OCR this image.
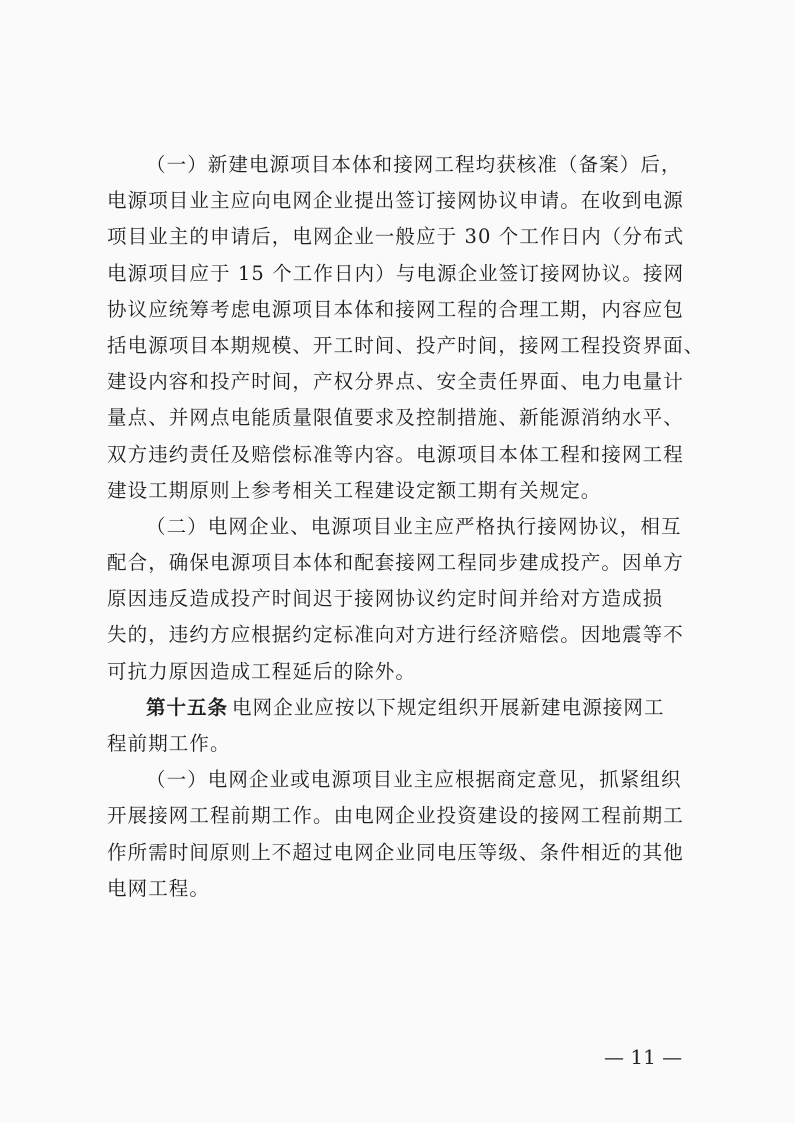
（一）新建电源项目本体和接网工程均获核准（备案）后，
电源项目业主应向电网企业提出签订接网协议申请。在收到电源
项目业主的申请后，电网企业一般应于 30 个工作日内（分布式
电源项目应于 15 个工作日内）与电源企业签订接网协议。接网
协议应统筹考虑电源项目本体和接网工程的合理工期，内容应包
括电源项目本期规模、开工时间、投产时间，接网工程投资界面、
建设内容和投产时间，产权分界点、安全责任界面、电力电量计
量点、并网点电能质量限值要求及控制措施、新能源消纳水平、
双方违约责任及赔偿标准等内容。电源项目本体工程和接网工程
建设工期原则上参考相关工程建设定额工期有关规定。
（二）电网企业、电源项目业主应严格执行接网协议，相互
配合，确保电源项目本体和配套接网工程同步建成投产。因单方
原因违反造成投产时间迟于接网协议约定时间并给对方造成损
失的，违约方应根据约定标准向对方进行经济赔偿。因地震等不
可抗力原因造成工程延后的除外。
第十五条 电网企业应按以下规定组织开展新建电源接网工
程前期工作。
（一）电网企业或电源项目业主应根据商定意见，抓紧组织
开展接网工程前期工作。由电网企业投资建设的接网工程前期工
作所需时间原则上不超过电网企业同电压等级、条件相近的其他
电网工程。
— 11 —
